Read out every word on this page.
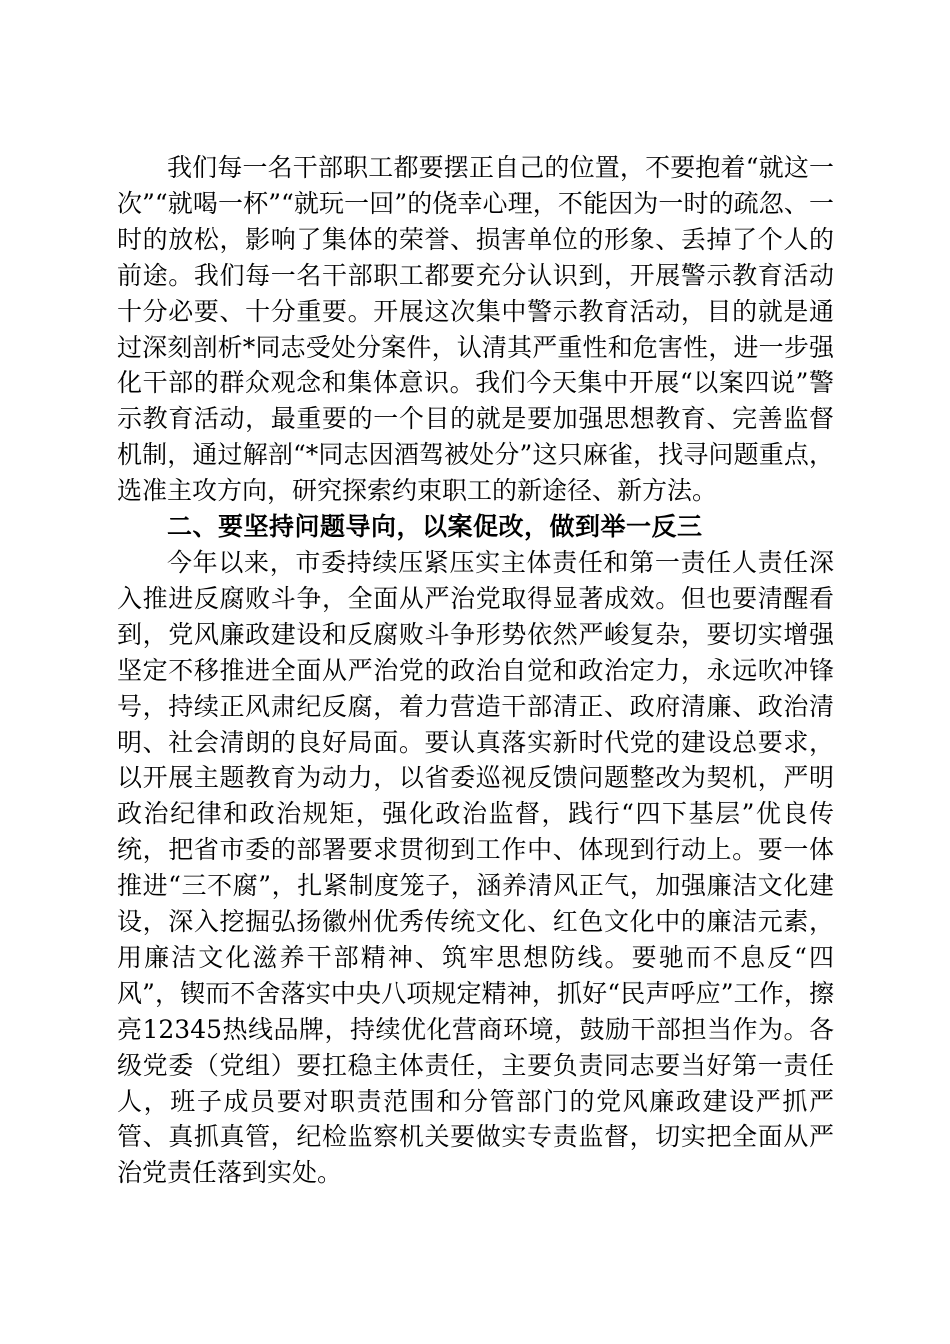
我们每一名干部职工都要摆正自己的位置，不要抱着“就这一次”“就喝一杯”“就玩一回”的侥幸心理，不能因为一时的疏忽、一时的放松，影响了集体的荣誉、损害单位的形象、丢掉了个人的前途。我们每一名干部职工都要充分认识到，开展警示教育活动十分必要、十分重要。开展这次集中警示教育活动，目的就是通过深刻剖析*同志受处分案件，认清其严重性和危害性，进一步强化干部的群众观念和集体意识。我们今天集中开展“以案四说”警示教育活动，最重要的一个目的就是要加强思想教育、完善监督机制，通过解剖“*同志因酒驾被处分”这只麻雀，找寻问题重点，选准主攻方向，研究探索约束职工的新途径、新方法。

二、要坚持问题导向，以案促改，做到举一反三

今年以来，市委持续压紧压实主体责任和第一责任人责任深入推进反腐败斗争，全面从严治党取得显著成效。但也要清醒看到，党风廉政建设和反腐败斗争形势依然严峻复杂，要切实增强坚定不移推进全面从严治党的政治自觉和政治定力，永远吹冲锋号，持续正风肃纪反腐，着力营造干部清正、政府清廉、政治清明、社会清朗的良好局面。要认真落实新时代党的建设总要求，以开展主题教育为动力，以省委巡视反馈问题整改为契机，严明政治纪律和政治规矩，强化政治监督，践行“四下基层”优良传统，把省市委的部署要求贯彻到工作中、体现到行动上。要一体推进“三不腐”，扎紧制度笼子，涵养清风正气，加强廉洁文化建设，深入挖掘弘扬徽州优秀传统文化、红色文化中的廉洁元素，用廉洁文化滋养干部精神、筑牢思想防线。要驰而不息反“四风”，锲而不舍落实中央八项规定精神，抓好“民声呼应”工作，擦亮12345热线品牌，持续优化营商环境，鼓励干部担当作为。各级党委（党组）要扛稳主体责任，主要负责同志要当好第一责任人，班子成员要对职责范围和分管部门的党风廉政建设严抓严管、真抓真管，纪检监察机关要做实专责监督，切实把全面从严治党责任落到实处。
